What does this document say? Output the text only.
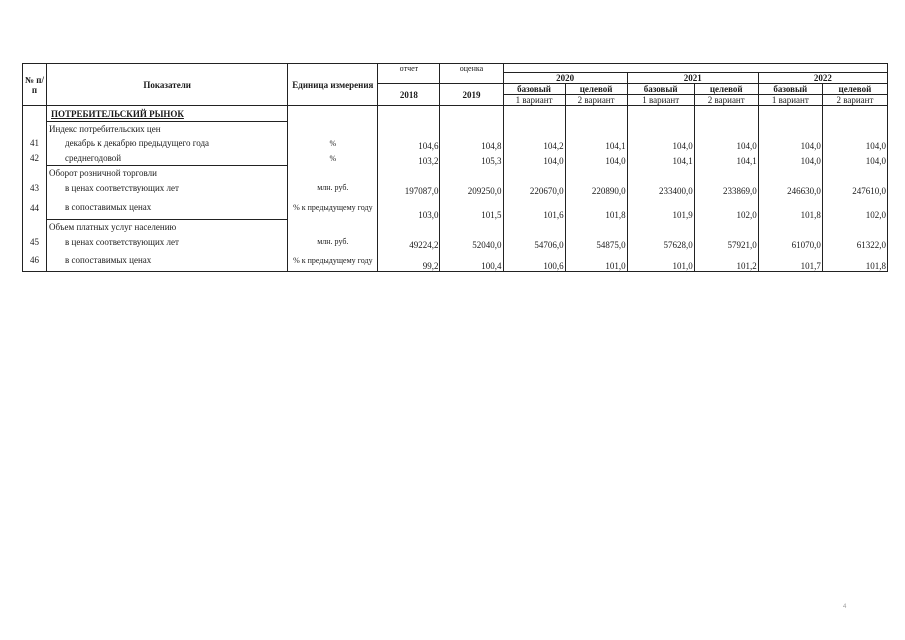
№ п/п	Показатели	Единица измерения	отчет	оценка						
					2020		2021		2022	
			2018	2019	базовый	целевой	базовый	целевой	базовый	целевой
					1 вариант	2 вариант	1 вариант	2 вариант	1 вариант	2 вариант
	ПОТРЕБИТЕЛЬСКИЙ РЫНОК									
	Индекс потребительских цен									
41	декабрь к декабрю предыдущего года	%	104,6	104,8	104,2	104,1	104,0	104,0	104,0	104,0
42	среднегодовой	%	103,2	105,3	104,0	104,0	104,1	104,1	104,0	104,0
	Оборот розничной торговли									
43	в ценах соответствующих лет	млн. руб.	197087,0	209250,0	220670,0	220890,0	233400,0	233869,0	246630,0	247610,0
44	в сопоставимых ценах	% к предыдущему году	103,0	101,5	101,6	101,8	101,9	102,0	101,8	102,0
	Объем платных услуг населению									
45	в ценах соответствующих лет	млн. руб.	49224,2	52040,0	54706,0	54875,0	57628,0	57921,0	61070,0	61322,0
46	в сопоставимых ценах	% к предыдущему году	99,2	100,4	100,6	101,0	101,0	101,2	101,7	101,8
4
